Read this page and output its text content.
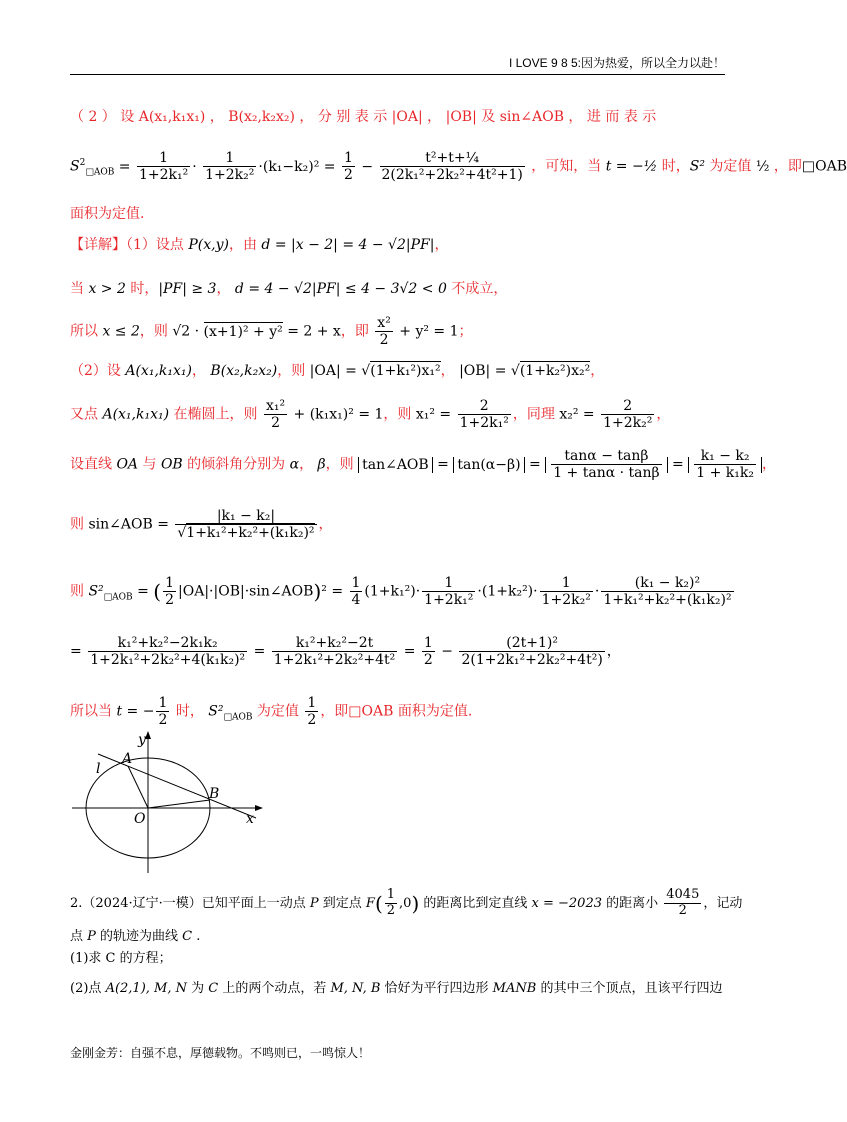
I LOVE 9 8 5:因为热爱，所以全力以赴！
（ 2 ） 设 A(x₁,k₁x₁) ， B(x₂,k₂x₂) ， 分 别 表 示 |OA| ， |OB| 及 sin∠AOB ， 进 而 表 示
$S^2_{□AOB} = \frac{1}{\text{1+2k₁²}} \cdot \frac{1}{\text{1+2k₂²}} \cdot(k_1-k_2)^2 = \frac{1}{2} - \frac{\text{t²+t+¼}}{\text{2(2k₁²+2k₂²+4t²+1)}}$ ，可知，当 t = −½ 时，S² 为定值 ½ ，即□OAB
面积为定值.
【详解】（1）设点 P(x,y)，由 d = |x − 2| = 4 − √2|PF|，
当 x > 2 时，|PF| ≥ 3， d = 4 − √2|PF| ≤ 4 − 3√2 < 0 不成立，
所以 x ≤ 2，则 √2 · (x+1)² + y² = 2 + x，即 $\frac{\text{x²}}{2} + y^2 = 1$；
（2）设 A(x₁,k₁x₁)， B(x₂,k₂x₂)，则 |OA| = √(1+k₁²)x₁²， |OB| = √(1+k₂²)x₂²，
又点 A(x₁,k₁x₁) 在椭圆上，则 $\frac{\text{x₁²}}{2} + (k_1x_1)^2 = 1$，则 $x_1^2 = \frac{2}{\text{1+2k₁²}}$ ，同理 $x_2^2 = \frac{2}{\text{1+2k₂²}}$ ，
设直线 OA 与 OB 的倾斜角分别为 α， β，则 tan∠AOB = $\tan(\alpha-\beta) = \frac{\tan\alpha - \tan\beta}{1 + \tan\alpha \cdot \tan\beta} = \frac{\text{k₁ − k₂}}{\text{1 + k₁k₂}}$ ，
则 sin∠AOB = $\frac{\text{|k₁ − k₂|}}{\text{√1+k₁²+k₂²+(k₁k₂)²}}$ ，
则 $S^2_{□AOB}$ = ( $\frac{1}{2}$ |OA|·|OB|·sin∠AOB)² = $\frac{1}{4} (1+k_1^2)\cdot \frac{1}{\text{1+2k₁²}} \cdot(1+k_2^2)\cdot \frac{1}{\text{1+2k₂²}} \cdot \frac{\text{(k₁ − k₂)²}}{\text{1+k₁²+k₂²+(k₁k₂)²}}$
= $\frac{\text{k₁²+k₂²−2k₁k₂}}{\text{1+2k₁²+2k₂²+4(k₁k₂)²}} = \frac{\text{k₁²+k₂²−2t}}{\text{1+2k₁²+2k₂²+4t²}} = \frac{1}{2} - \frac{\text{(2t+1)²}}{\text{2(1+2k₁²+2k₂²+4t²)}}$ ，
所以当 t = − $\frac{1}{2}$ 时， $S^2_{□AOB}$ 为定值 $\frac{1}{2}$ ，即□OAB 面积为定值.
y
x
O
A
B
l
2.（2024·辽宁·一模）已知平面上一动点 P 到定点 $F( \frac{1}{2} ,0)$ 的距离比到定直线 x = −2023 的距离小 $\frac{4045}{2}$ ，记动
点 P 的轨迹为曲线 C .
(1)求 C 的方程；
(2)点 A(2,1), M, N 为 C 上的两个动点，若 M, N, B 恰好为平行四边形 MANB 的其中三个顶点，且该平行四边
金刚金芳：自强不息，厚德载物。不鸣则已，一鸣惊人！
